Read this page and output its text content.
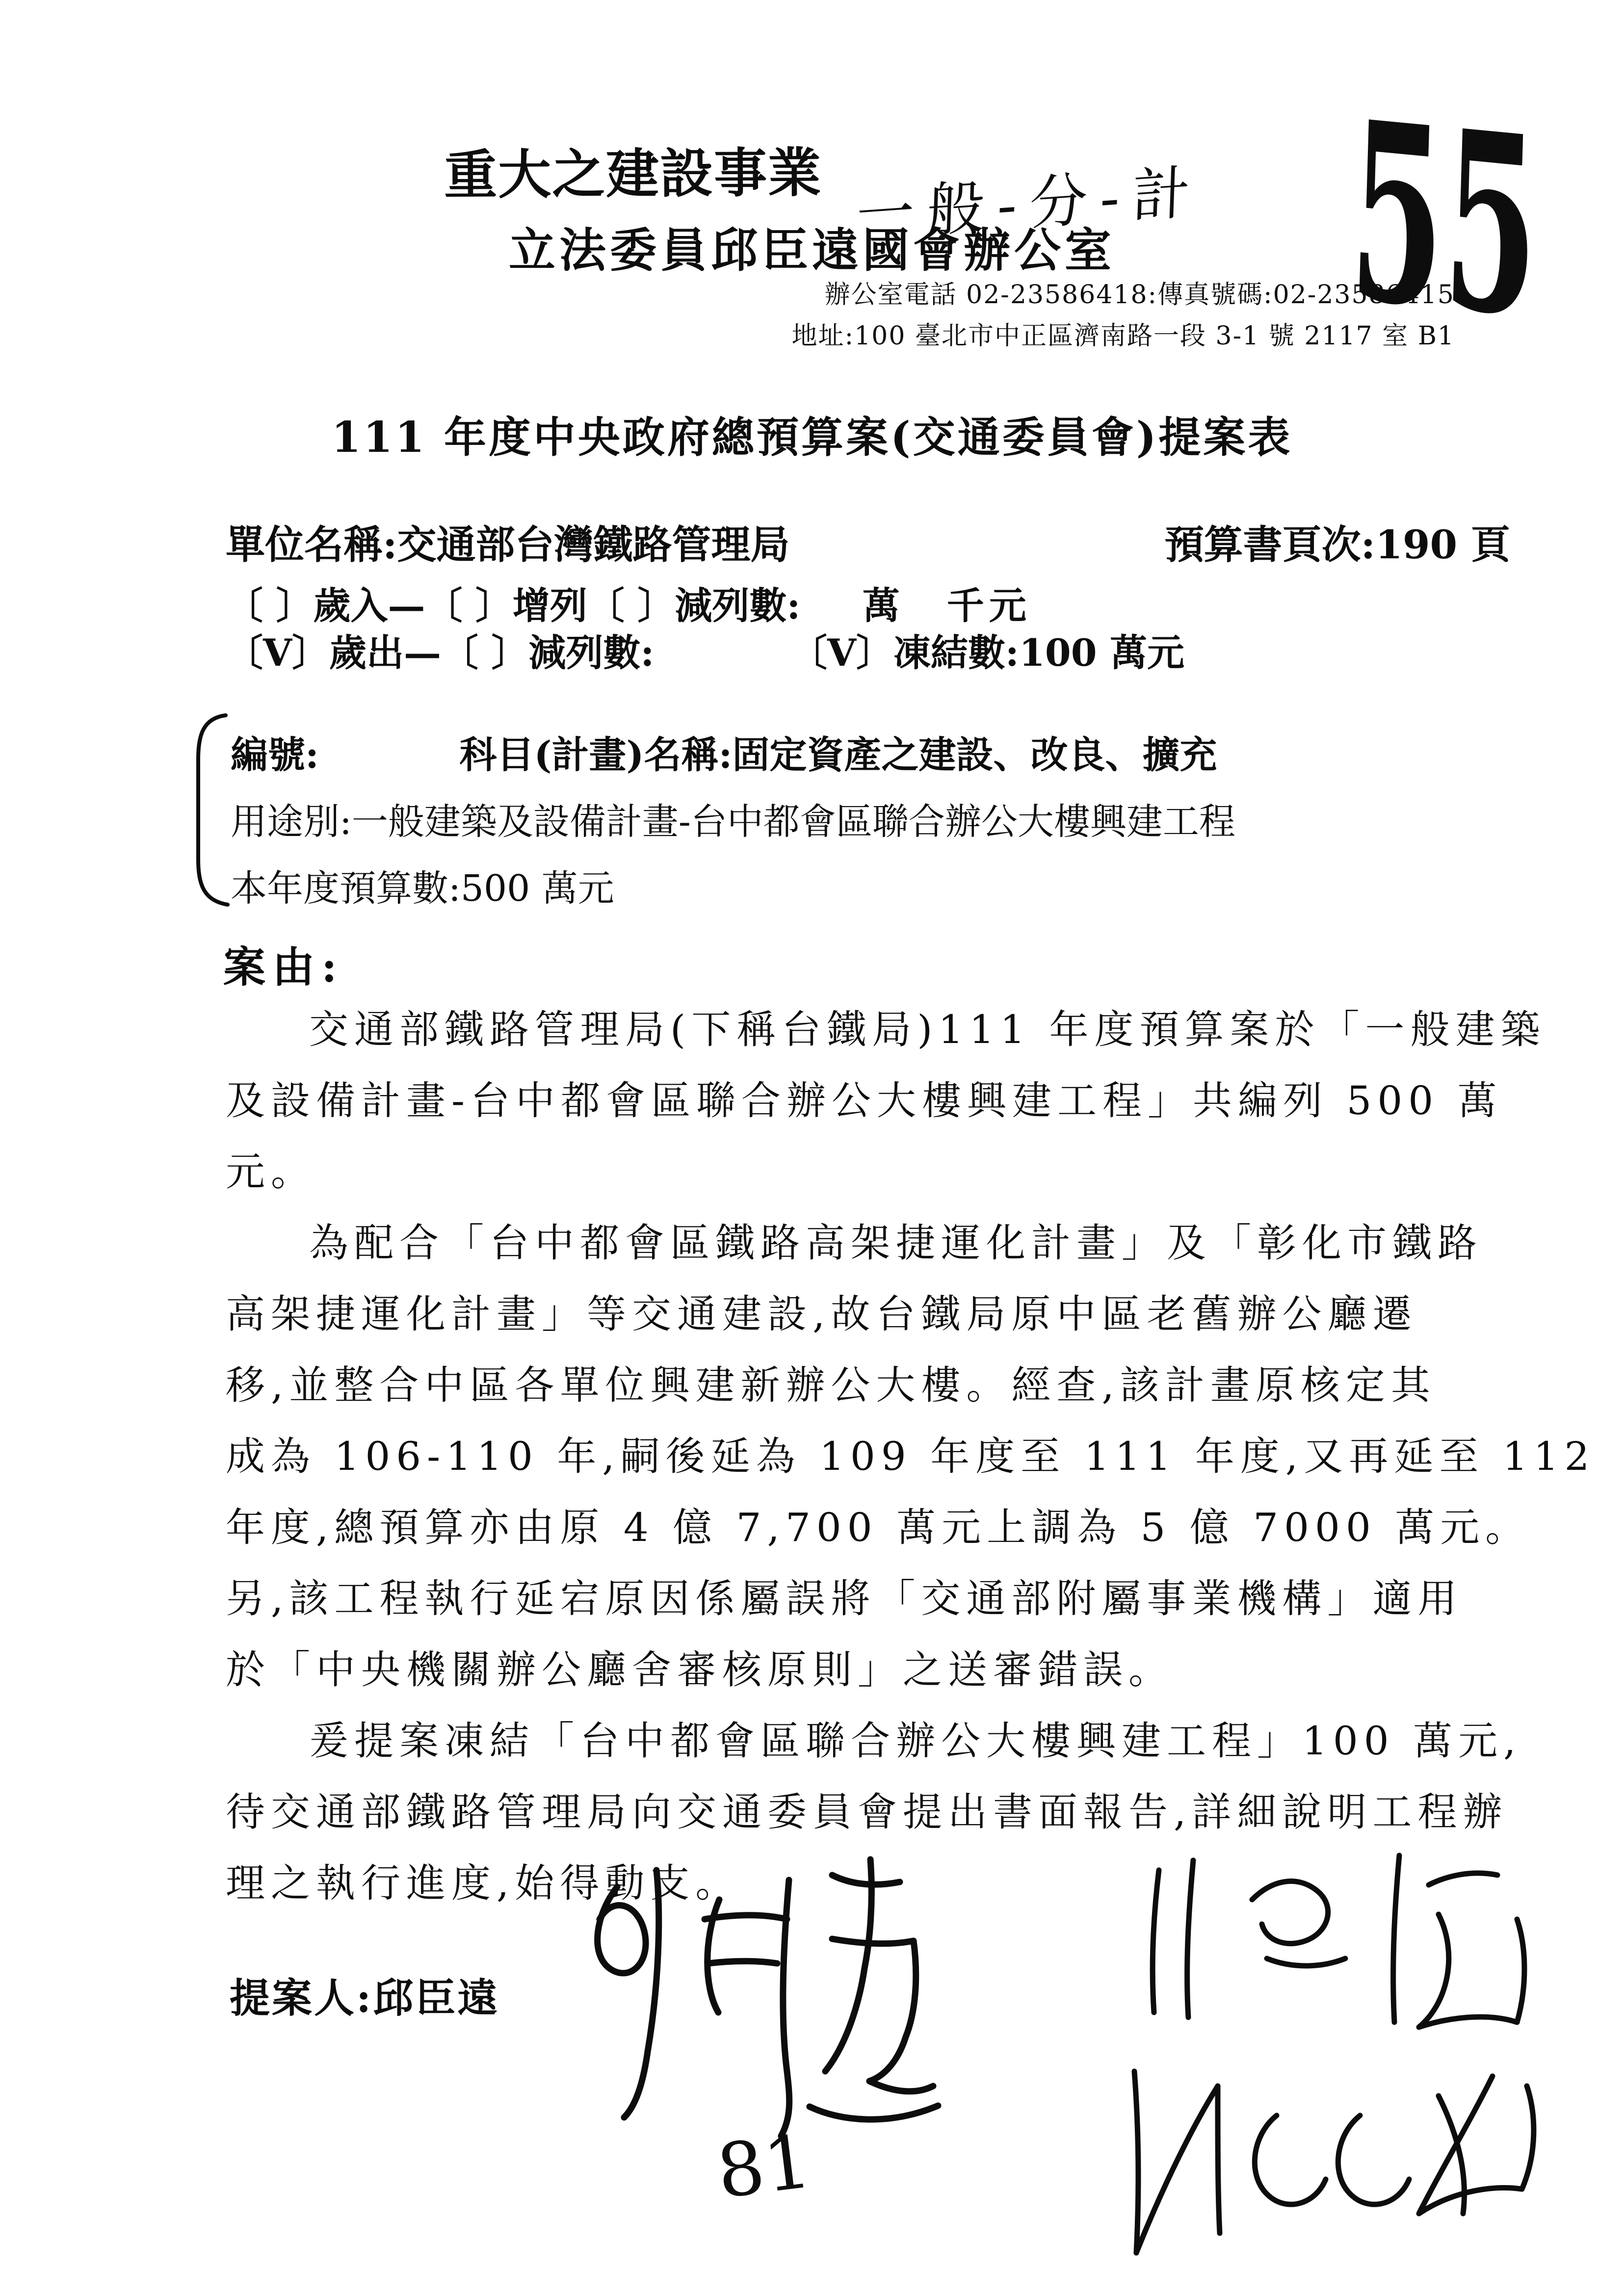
重大之建設事業 一般-分-計 55
立法委員邱臣遠國會辦公室
辦公室電話 02-23586418:傳真號碼:02-23586415
地址:100 臺北市中正區濟南路一段 3-1 號 2117 室 B1
111 年度中央政府總預算案(交通委員會)提案表
單位名稱:交通部台灣鐵路管理局	預算書頁次:190 頁
〔 〕歲入—〔 〕增列〔 〕減列數: 萬　千元
〔V〕歲出—〔 〕減列數:	〔V〕凍結數:100 萬元
編號:	科目(計畫)名稱:固定資產之建設、改良、擴充
用途別:一般建築及設備計畫-台中都會區聯合辦公大樓興建工程
本年度預算數:500 萬元
案由:
交通部鐵路管理局(下稱台鐵局)111 年度預算案於「一般建築
及設備計畫-台中都會區聯合辦公大樓興建工程」共編列 500 萬
元。
為配合「台中都會區鐵路高架捷運化計畫」及「彰化市鐵路
高架捷運化計畫」等交通建設,故台鐵局原中區老舊辦公廳遷
移,並整合中區各單位興建新辦公大樓。經查,該計畫原核定其
成為 106-110 年,嗣後延為 109 年度至 111 年度,又再延至 112
年度,總預算亦由原 4 億 7,700 萬元上調為 5 億 7000 萬元。
另,該工程執行延宕原因係屬誤將「交通部附屬事業機構」適用
於「中央機關辦公廳舍審核原則」之送審錯誤。
爰提案凍結「台中都會區聯合辦公大樓興建工程」100 萬元,
待交通部鐵路管理局向交通委員會提出書面報告,詳細說明工程辦
理之執行進度,始得動支。
提案人:邱臣遠
81
